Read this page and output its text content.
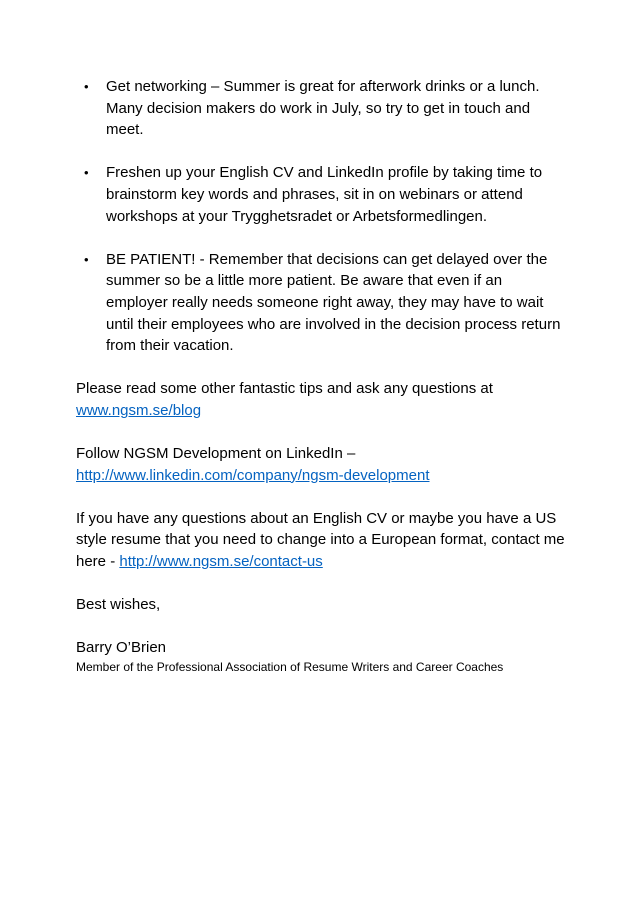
• Get networking – Summer is great for afterwork drinks or a lunch. Many decision makers do work in July, so try to get in touch and meet.
• Freshen up your English CV and LinkedIn profile by taking time to brainstorm key words and phrases, sit in on webinars or attend workshops at your Trygghetsradet or Arbetsformedlingen.
• BE PATIENT! - Remember that decisions can get delayed over the summer so be a little more patient. Be aware that even if an employer really needs someone right away, they may have to wait until their employees who are involved in the decision process return from their vacation.

Please read some other fantastic tips and ask any questions at
www.ngsm.se/blog

Follow NGSM Development on LinkedIn –
http://www.linkedin.com/company/ngsm-development

If you have any questions about an English CV or maybe you have a US style resume that you need to change into a European format, contact me here - http://www.ngsm.se/contact-us

Best wishes,

Barry O’Brien

Member of the Professional Association of Resume Writers and Career Coaches
